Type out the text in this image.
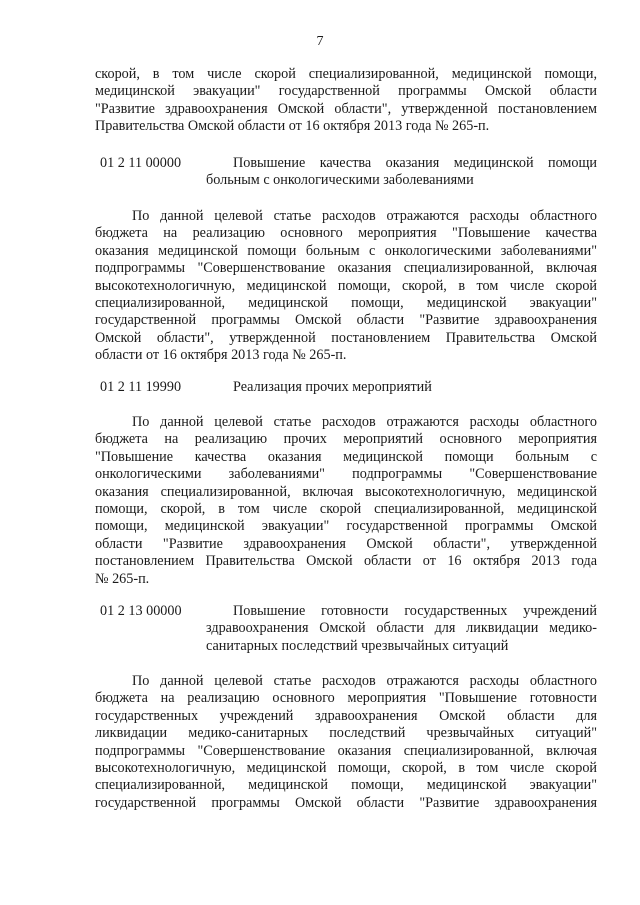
7
скорой, в том числе скорой специализированной, медицинской помощи,
медицинской эвакуации" государственной программы Омской области
"Развитие здравоохранения Омской области", утвержденной постановлением
Правительства Омской области от 16 октября 2013 года № 265-п.
01 2 11 00000	Повышение качества оказания медицинской помощи
больным с онкологическими заболеваниями
По данной целевой статье расходов отражаются расходы областного
бюджета на реализацию основного мероприятия "Повышение качества
оказания медицинской помощи больным с онкологическими заболеваниями"
подпрограммы "Совершенствование оказания специализированной, включая
высокотехнологичную, медицинской помощи, скорой, в том числе скорой
специализированной, медицинской помощи, медицинской эвакуации"
государственной программы Омской области "Развитие здравоохранения
Омской области", утвержденной постановлением Правительства Омской
области от 16 октября 2013 года № 265-п.
01 2 11 19990	Реализация прочих мероприятий
По данной целевой статье расходов отражаются расходы областного
бюджета на реализацию прочих мероприятий основного мероприятия
"Повышение качества оказания медицинской помощи больным с
онкологическими заболеваниями" подпрограммы "Совершенствование
оказания специализированной, включая высокотехнологичную, медицинской
помощи, скорой, в том числе скорой специализированной, медицинской
помощи, медицинской эвакуации" государственной программы Омской
области "Развитие здравоохранения Омской области", утвержденной
постановлением Правительства Омской области от 16 октября 2013 года
№ 265-п.
01 2 13 00000	Повышение готовности государственных учреждений
здравоохранения Омской области для ликвидации медико-
санитарных последствий чрезвычайных ситуаций
По данной целевой статье расходов отражаются расходы областного
бюджета на реализацию основного мероприятия "Повышение готовности
государственных учреждений здравоохранения Омской области для
ликвидации медико-санитарных последствий чрезвычайных ситуаций"
подпрограммы "Совершенствование оказания специализированной, включая
высокотехнологичную, медицинской помощи, скорой, в том числе скорой
специализированной, медицинской помощи, медицинской эвакуации"
государственной программы Омской области "Развитие здравоохранения
